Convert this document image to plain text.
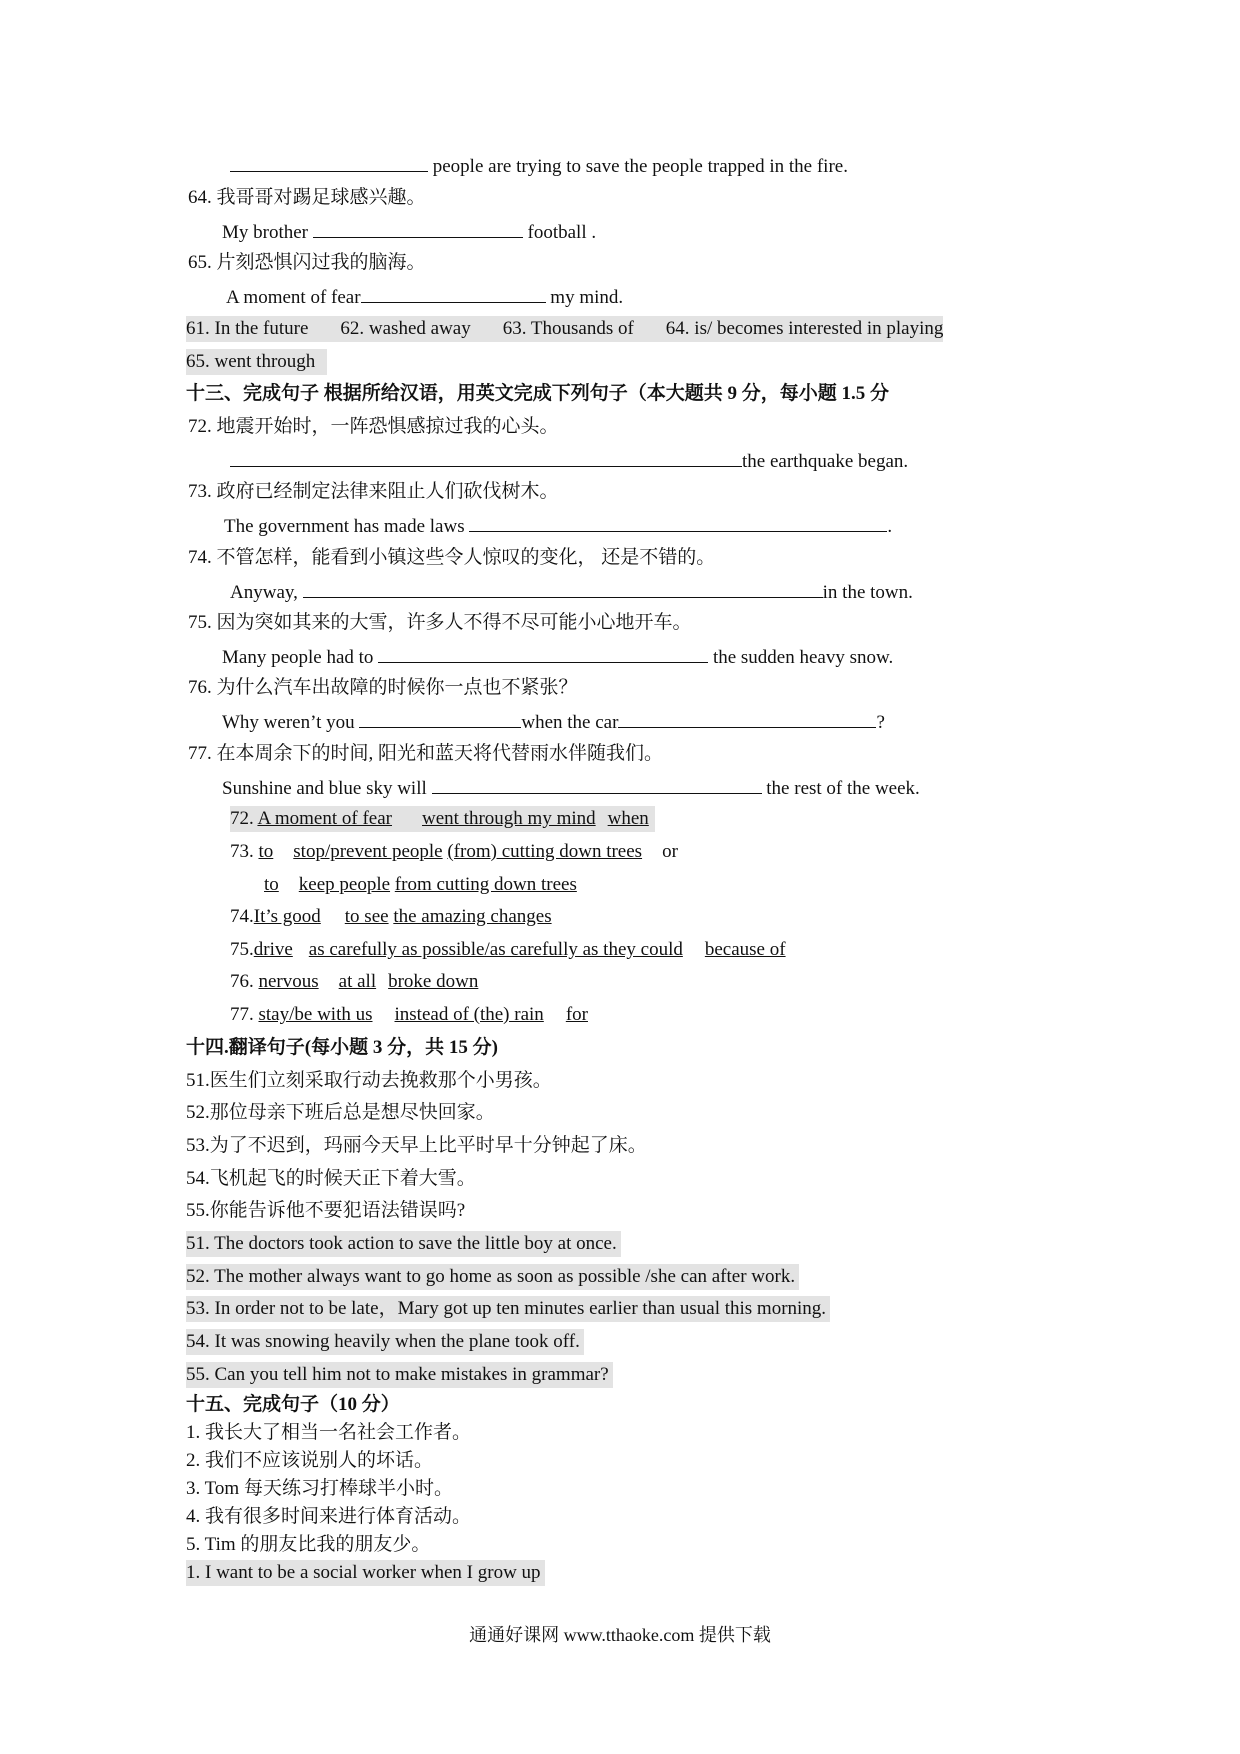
people are trying to save the people trapped in the fire.
64. 我哥哥对踢足球感兴趣。
My brother	football .
65. 片刻恐惧闪过我的脑海。
A moment of fear	my mind.
61. In the future 62. washed away 63. Thousands of 64. is/ becomes interested in playing
65. went through
十三、完成句子 根据所给汉语，用英文完成下列句子（本大题共 9 分，每小题 1.5 分
72. 地震开始时，一阵恐惧感掠过我的心头。
the earthquake began.
73. 政府已经制定法律来阻止人们砍伐树木。
The government has made laws	.
74. 不管怎样，能看到小镇这些令人惊叹的变化， 还是不错的。
Anyway,	in the town.
75. 因为突如其来的大雪，许多人不得不尽可能小心地开车。
Many people had to	the sudden heavy snow.
76. 为什么汽车出故障的时候你一点也不紧张？
Why weren’t you	when the car	?
77. 在本周余下的时间, 阳光和蓝天将代替雨水伴随我们。
Sunshine and blue sky will	the rest of the week.
72. A moment of fear went through my mind when
73. to stop/prevent people (from) cutting down trees or
to keep people from cutting down trees
74.It’s good to see the amazing changes
75.drive as carefully as possible/as carefully as they could because of
76. nervous at all broke down
77. stay/be with us instead of (the) rain for
十四.翻译句子(每小题 3 分，共 15 分)
51.医生们立刻采取行动去挽救那个小男孩。
52.那位母亲下班后总是想尽快回家。
53.为了不迟到，玛丽今天早上比平时早十分钟起了床。
54.飞机起飞的时候天正下着大雪。
55.你能告诉他不要犯语法错误吗?
51. The doctors took action to save the little boy at once.
52. The mother always want to go home as soon as possible /she can after work.
53. In order not to be late，Mary got up ten minutes earlier than usual this morning.
54. It was snowing heavily when the plane took off.
55. Can you tell him not to make mistakes in grammar?
十五、完成句子（10 分）
1. 我长大了相当一名社会工作者。
2. 我们不应该说别人的坏话。
3. Tom 每天练习打棒球半小时。
4. 我有很多时间来进行体育活动。
5. Tim 的朋友比我的朋友少。
1. I want to be a social worker when I grow up
通通好课网 www.tthaoke.com 提供下载
